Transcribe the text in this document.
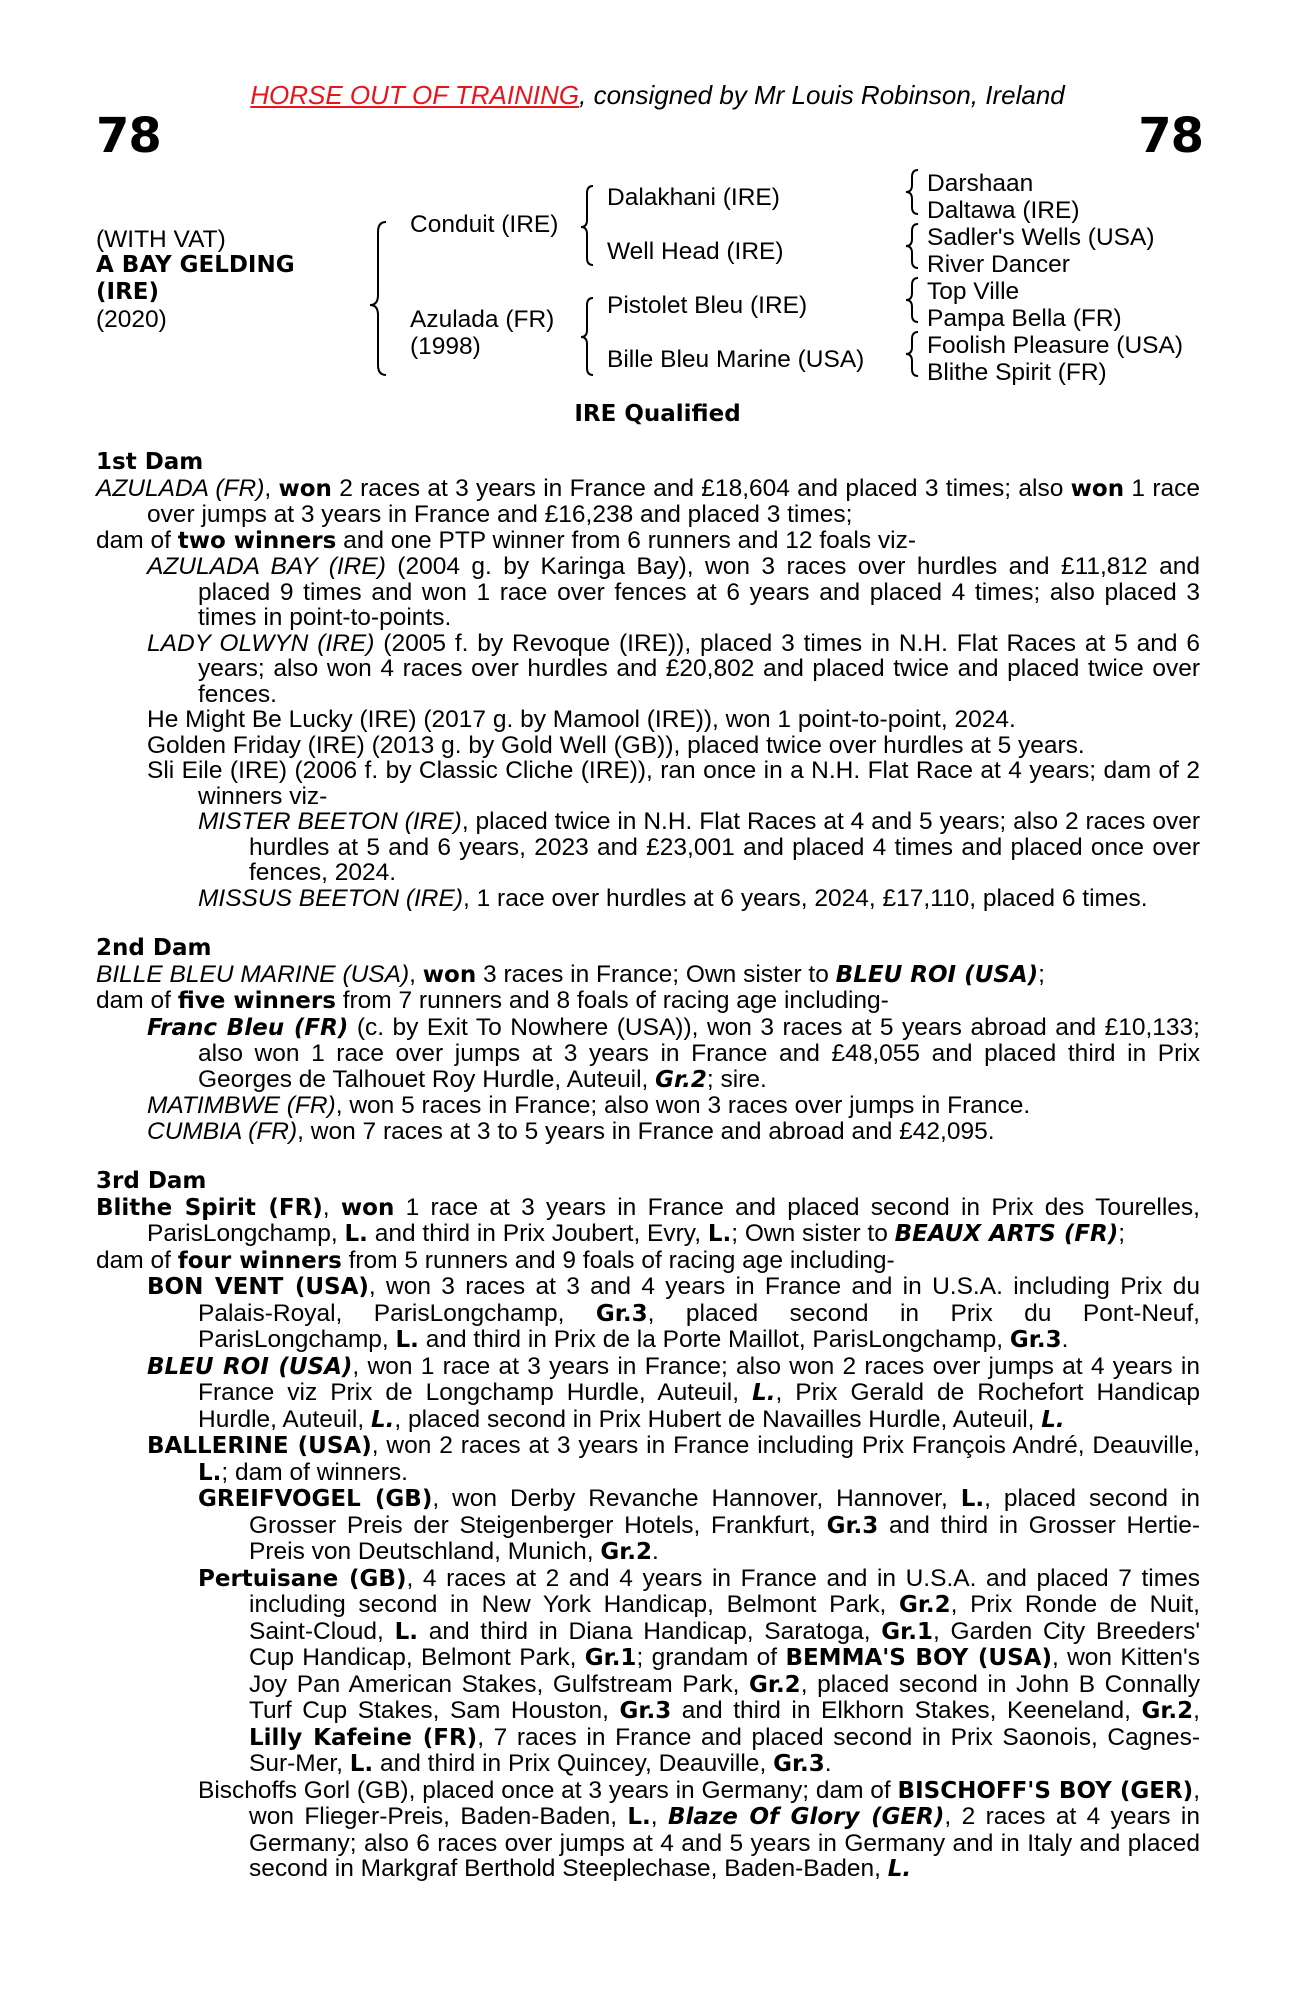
HORSE OUT OF TRAINING, consigned by Mr Louis Robinson, Ireland
78	78
(WITH VAT)
A BAY GELDING
(IRE)
(2020)
Conduit (IRE)
Azulada (FR)
(1998)
Dalakhani (IRE)
Well Head (IRE)
Pistolet Bleu (IRE)
Bille Bleu Marine (USA)
Darshaan
Daltawa (IRE)
Sadler's Wells (USA)
River Dancer
Top Ville
Pampa Bella (FR)
Foolish Pleasure (USA)
Blithe Spirit (FR)
IRE Qualified
1st Dam
AZULADA (FR), won 2 races at 3 years in France and £18,604 and placed 3 times; also won 1 race over jumps at 3 years in France and £16,238 and placed 3 times;
dam of two winners and one PTP winner from 6 runners and 12 foals viz-
AZULADA BAY (IRE) (2004 g. by Karinga Bay), won 3 races over hurdles and £11,812 and placed 9 times and won 1 race over fences at 6 years and placed 4 times; also placed 3 times in point-to-points.
LADY OLWYN (IRE) (2005 f. by Revoque (IRE)), placed 3 times in N.H. Flat Races at 5 and 6 years; also won 4 races over hurdles and £20,802 and placed twice and placed twice over fences.
He Might Be Lucky (IRE) (2017 g. by Mamool (IRE)), won 1 point-to-point, 2024.
Golden Friday (IRE) (2013 g. by Gold Well (GB)), placed twice over hurdles at 5 years.
Sli Eile (IRE) (2006 f. by Classic Cliche (IRE)), ran once in a N.H. Flat Race at 4 years; dam of 2 winners viz-
MISTER BEETON (IRE), placed twice in N.H. Flat Races at 4 and 5 years; also 2 races over hurdles at 5 and 6 years, 2023 and £23,001 and placed 4 times and placed once over fences, 2024.
MISSUS BEETON (IRE), 1 race over hurdles at 6 years, 2024, £17,110, placed 6 times.
2nd Dam
BILLE BLEU MARINE (USA), won 3 races in France; Own sister to BLEU ROI (USA);
dam of five winners from 7 runners and 8 foals of racing age including-
Franc Bleu (FR) (c. by Exit To Nowhere (USA)), won 3 races at 5 years abroad and £10,133; also won 1 race over jumps at 3 years in France and £48,055 and placed third in Prix Georges de Talhouet Roy Hurdle, Auteuil, Gr.2; sire.
MATIMBWE (FR), won 5 races in France; also won 3 races over jumps in France.
CUMBIA (FR), won 7 races at 3 to 5 years in France and abroad and £42,095.
3rd Dam
Blithe Spirit (FR), won 1 race at 3 years in France and placed second in Prix des Tourelles, ParisLongchamp, L. and third in Prix Joubert, Evry, L.; Own sister to BEAUX ARTS (FR);
dam of four winners from 5 runners and 9 foals of racing age including-
BON VENT (USA), won 3 races at 3 and 4 years in France and in U.S.A. including Prix du Palais-Royal, ParisLongchamp, Gr.3, placed second in Prix du Pont-Neuf, ParisLongchamp, L. and third in Prix de la Porte Maillot, ParisLongchamp, Gr.3.
BLEU ROI (USA), won 1 race at 3 years in France; also won 2 races over jumps at 4 years in France viz Prix de Longchamp Hurdle, Auteuil, L., Prix Gerald de Rochefort Handicap Hurdle, Auteuil, L., placed second in Prix Hubert de Navailles Hurdle, Auteuil, L.
BALLERINE (USA), won 2 races at 3 years in France including Prix François André, Deauville, L.; dam of winners.
GREIFVOGEL (GB), won Derby Revanche Hannover, Hannover, L., placed second in Grosser Preis der Steigenberger Hotels, Frankfurt, Gr.3 and third in Grosser Hertie-Preis von Deutschland, Munich, Gr.2.
Pertuisane (GB), 4 races at 2 and 4 years in France and in U.S.A. and placed 7 times including second in New York Handicap, Belmont Park, Gr.2, Prix Ronde de Nuit, Saint-Cloud, L. and third in Diana Handicap, Saratoga, Gr.1, Garden City Breeders' Cup Handicap, Belmont Park, Gr.1; grandam of BEMMA'S BOY (USA), won Kitten's Joy Pan American Stakes, Gulfstream Park, Gr.2, placed second in John B Connally Turf Cup Stakes, Sam Houston, Gr.3 and third in Elkhorn Stakes, Keeneland, Gr.2, Lilly Kafeine (FR), 7 races in France and placed second in Prix Saonois, Cagnes-Sur-Mer, L. and third in Prix Quincey, Deauville, Gr.3.
Bischoffs Gorl (GB), placed once at 3 years in Germany; dam of BISCHOFF'S BOY (GER), won Flieger-Preis, Baden-Baden, L., Blaze Of Glory (GER), 2 races at 4 years in Germany; also 6 races over jumps at 4 and 5 years in Germany and in Italy and placed second in Markgraf Berthold Steeplechase, Baden-Baden, L.
